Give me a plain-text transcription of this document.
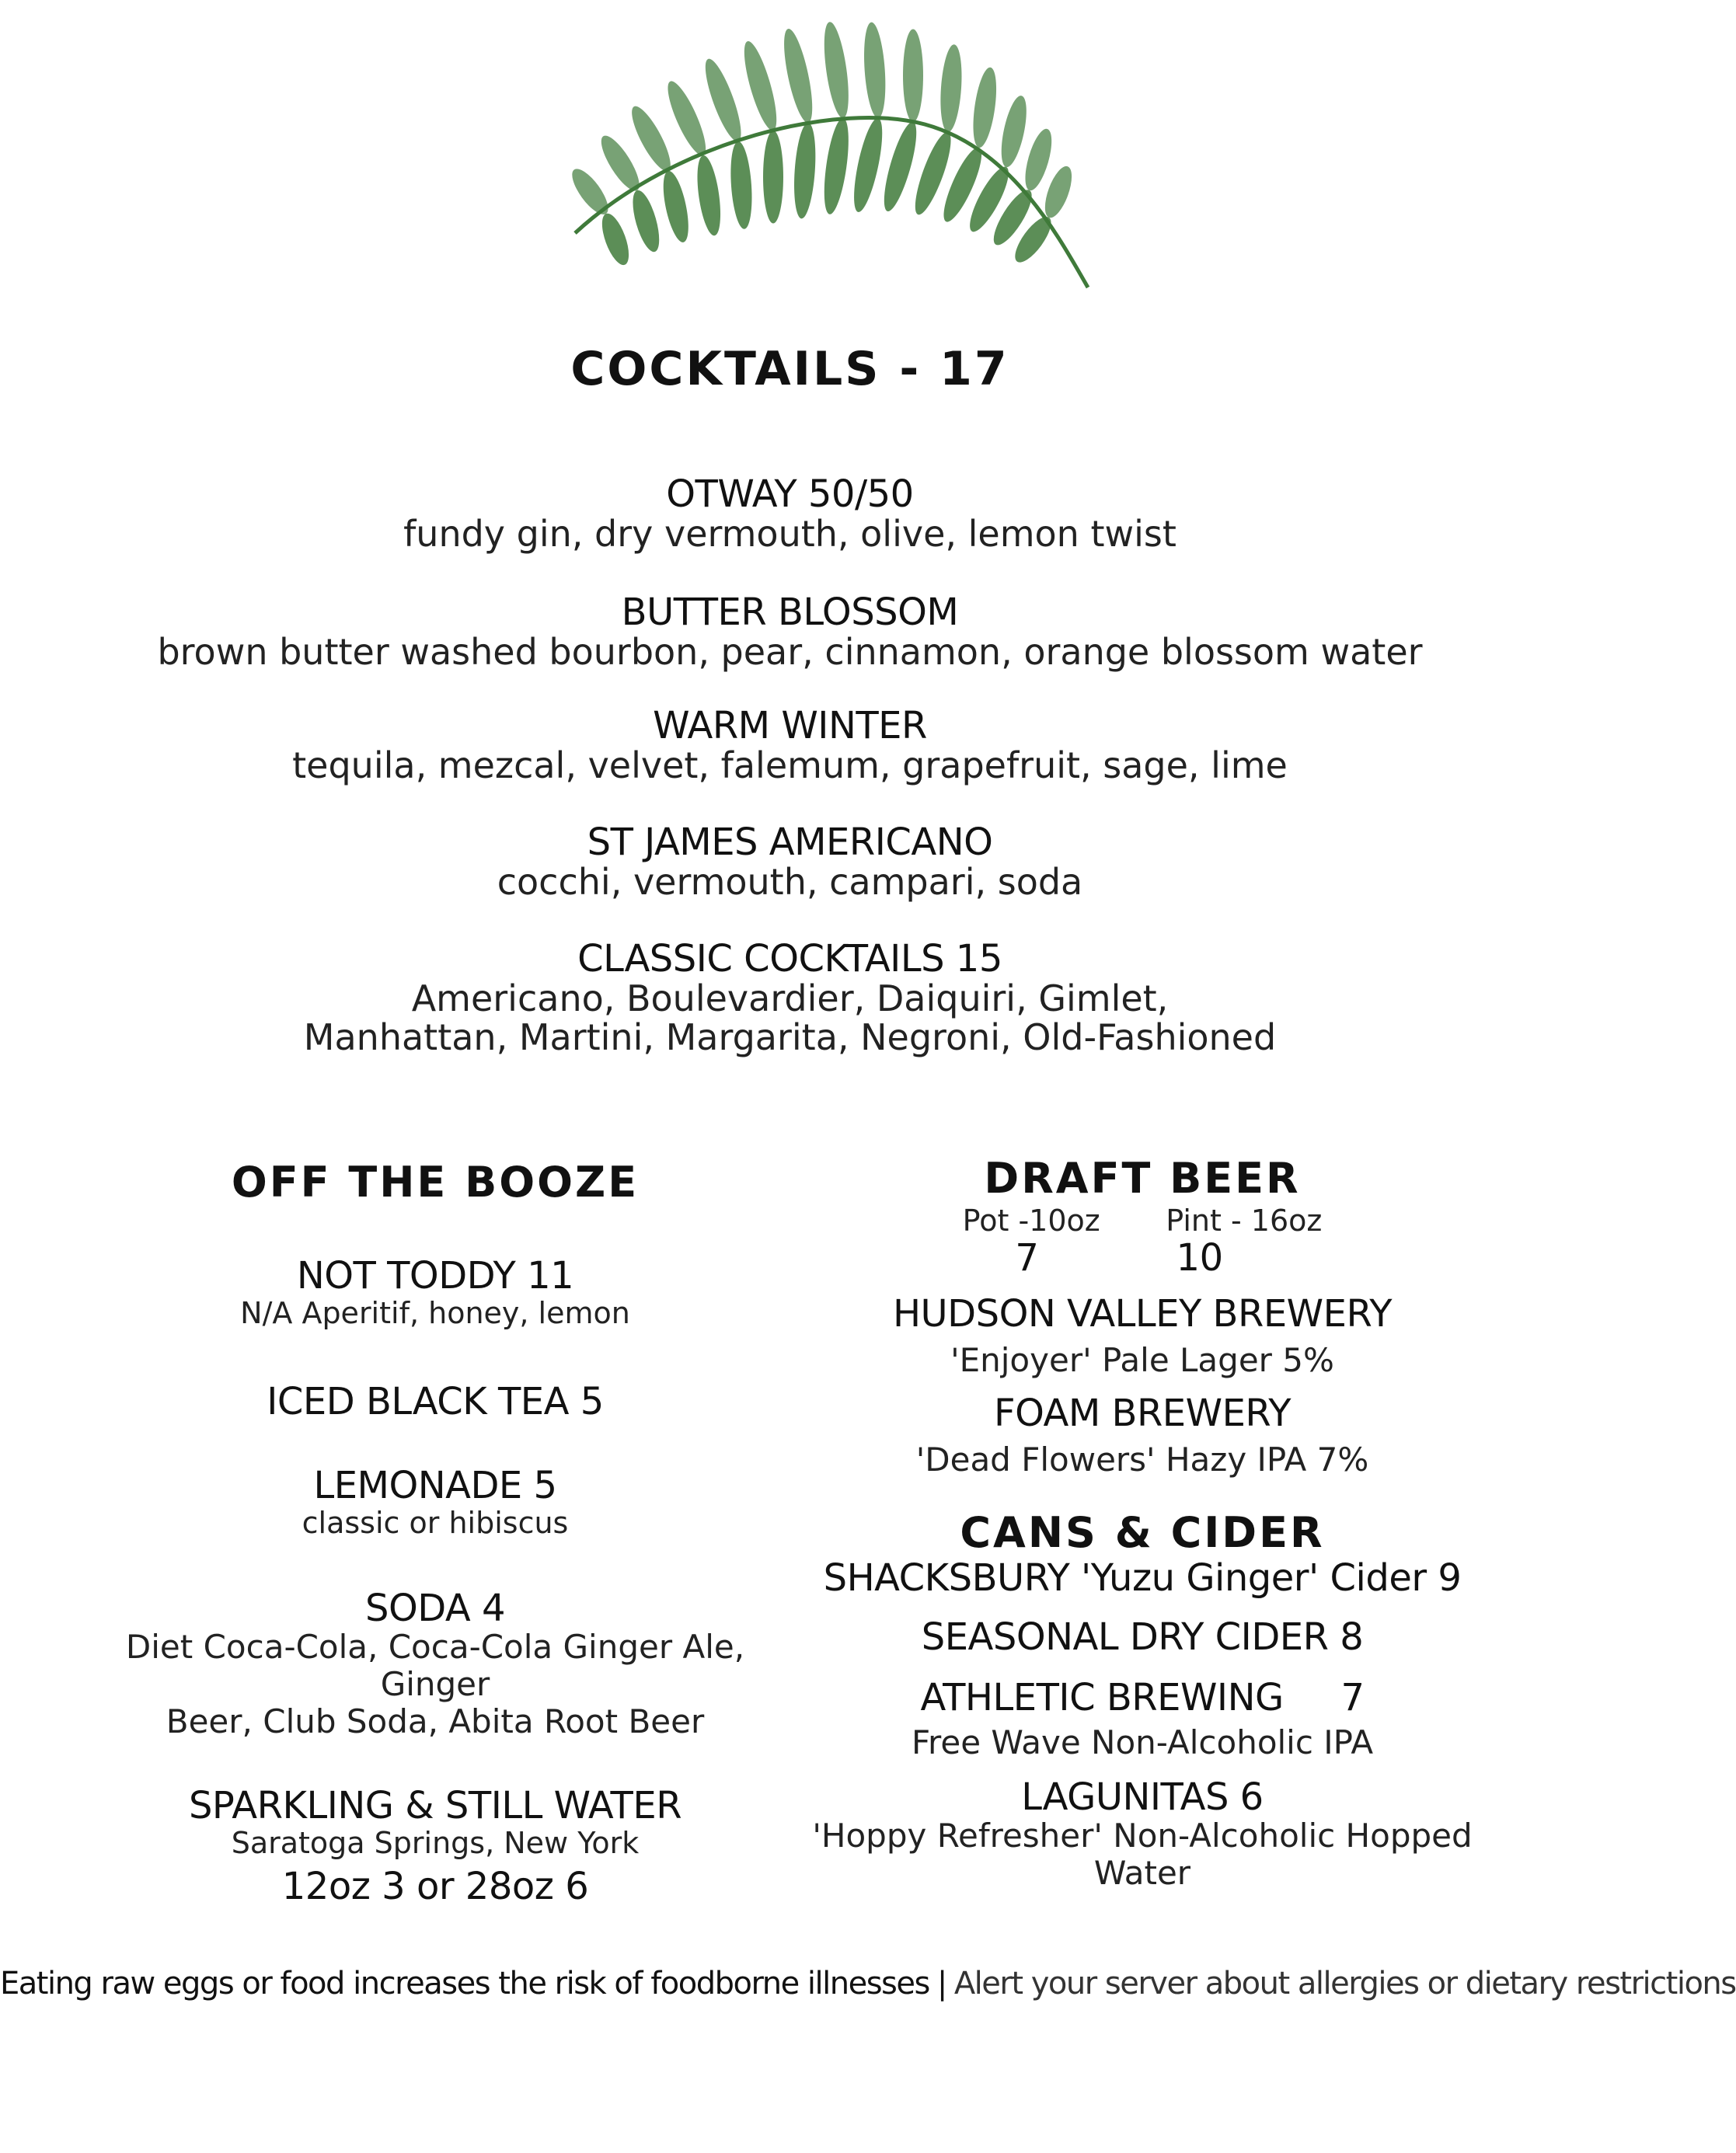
COCKTAILS - 17
OTWAY 50/50
fundy gin, dry vermouth, olive, lemon twist
BUTTER BLOSSOM
brown butter washed bourbon, pear, cinnamon, orange blossom water
WARM WINTER
tequila, mezcal, velvet, falemum, grapefruit, sage, lime
ST JAMES AMERICANO
cocchi, vermouth, campari, soda
CLASSIC COCKTAILS 15
Americano, Boulevardier, Daiquiri, Gimlet,
Manhattan, Martini, Margarita, Negroni, Old-Fashioned
OFF THE BOOZE
NOT TODDY 11
N/A Aperitif, honey, lemon
ICED BLACK TEA 5
LEMONADE 5
classic or hibiscus
SODA 4
Diet Coca-Cola, Coca-Cola Ginger Ale, Ginger
Beer, Club Soda, Abita Root Beer
SPARKLING & STILL WATER
Saratoga Springs, New York
12oz 3 or 28oz 6
DRAFT BEER
Pot -10oz       Pint - 16oz
7            10
HUDSON VALLEY BREWERY
'Enjoyer' Pale Lager 5%
FOAM BREWERY
'Dead Flowers' Hazy IPA 7%
CANS & CIDER
SHACKSBURY 'Yuzu Ginger' Cider 9
SEASONAL DRY CIDER 8
ATHLETIC BREWING     7
Free Wave Non-Alcoholic IPA
LAGUNITAS 6
'Hoppy Refresher' Non-Alcoholic Hopped Water
Eating raw eggs or food increases the risk of foodborne illnesses | Alert your server about allergies or dietary restrictions
